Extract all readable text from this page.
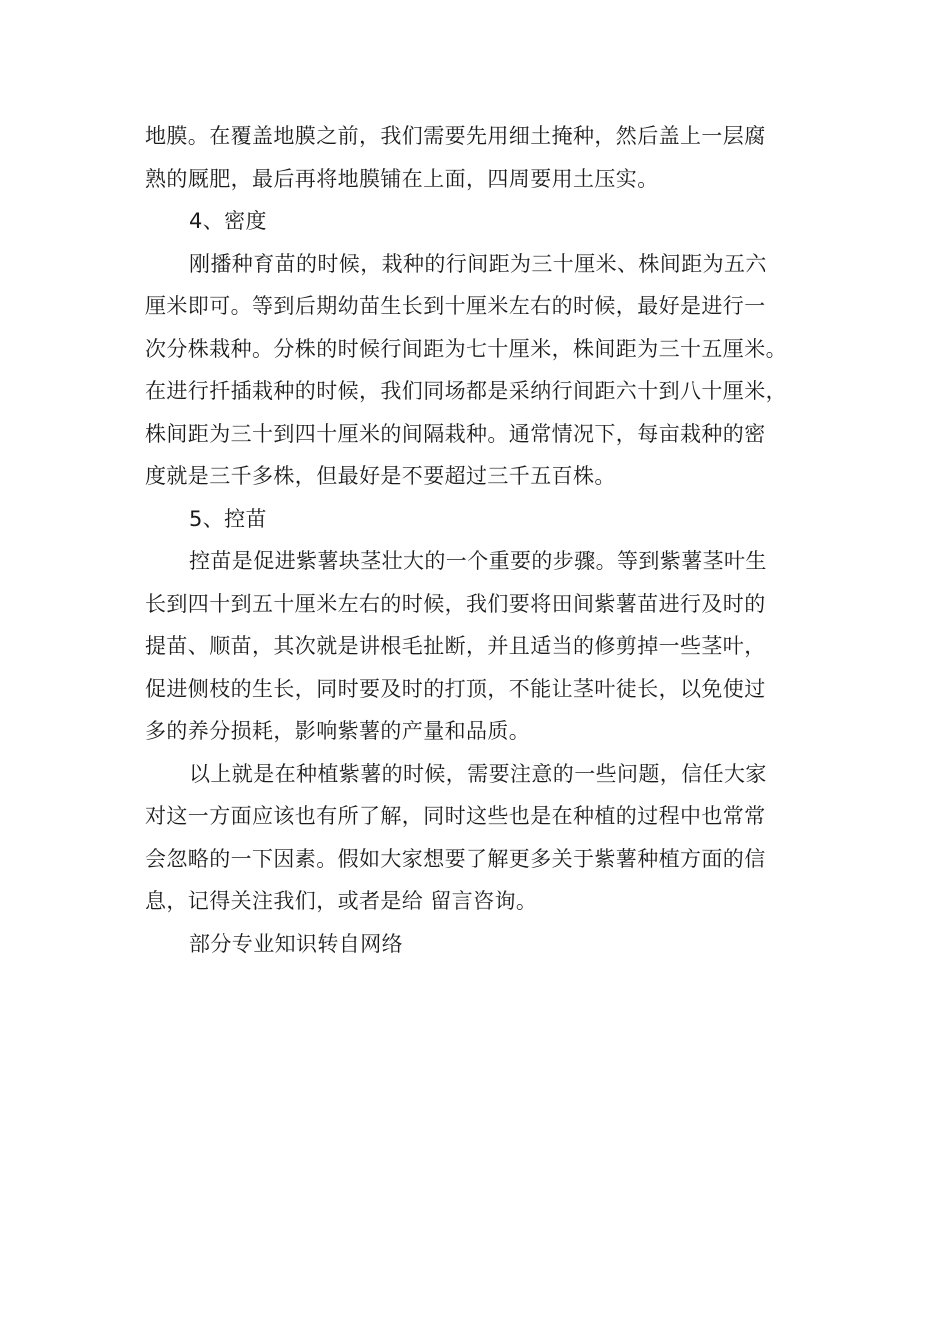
地膜。在覆盖地膜之前，我们需要先用细土掩种，然后盖上一层腐
熟的厩肥，最后再将地膜铺在上面，四周要用土压实。

4、密度

刚播种育苗的时候，栽种的行间距为三十厘米、株间距为五六
厘米即可。等到后期幼苗生长到十厘米左右的时候，最好是进行一
次分株栽种。分株的时候行间距为七十厘米，株间距为三十五厘米。
在进行扦插栽种的时候，我们同场都是采纳行间距六十到八十厘米，
株间距为三十到四十厘米的间隔栽种。通常情况下，每亩栽种的密
度就是三千多株，但最好是不要超过三千五百株。

5、控苗

控苗是促进紫薯块茎壮大的一个重要的步骤。等到紫薯茎叶生
长到四十到五十厘米左右的时候，我们要将田间紫薯苗进行及时的
提苗、顺苗，其次就是讲根毛扯断，并且适当的修剪掉一些茎叶，
促进侧枝的生长，同时要及时的打顶，不能让茎叶徒长，以免使过
多的养分损耗，影响紫薯的产量和品质。

以上就是在种植紫薯的时候，需要注意的一些问题，信任大家
对这一方面应该也有所了解，同时这些也是在种植的过程中也常常
会忽略的一下因素。假如大家想要了解更多关于紫薯种植方面的信
息，记得关注我们，或者是给 留言咨询。

部分专业知识转自网络
